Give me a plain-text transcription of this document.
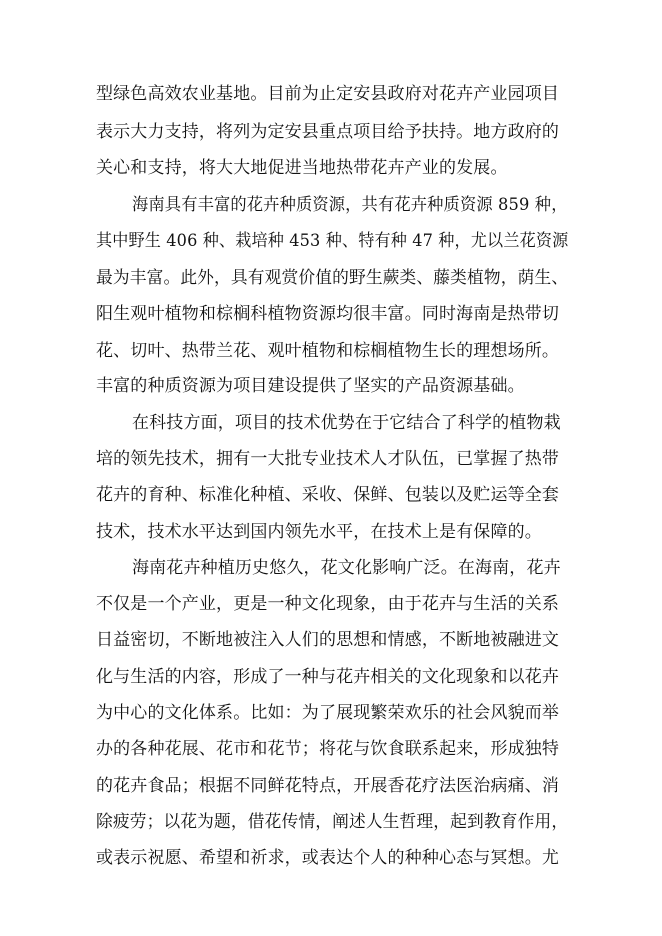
型绿色高效农业基地。目前为止定安县政府对花卉产业园项目
表示大力支持，将列为定安县重点项目给予扶持。地方政府的
关心和支持，将大大地促进当地热带花卉产业的发展。
海南具有丰富的花卉种质资源，共有花卉种质资源 859 种，
其中野生 406 种、栽培种 453 种、特有种 47 种，尤以兰花资源
最为丰富。此外，具有观赏价值的野生蕨类、藤类植物，荫生、
阳生观叶植物和棕榈科植物资源均很丰富。同时海南是热带切
花、切叶、热带兰花、观叶植物和棕榈植物生长的理想场所。
丰富的种质资源为项目建设提供了坚实的产品资源基础。
在科技方面，项目的技术优势在于它结合了科学的植物栽
培的领先技术，拥有一大批专业技术人才队伍，已掌握了热带
花卉的育种、标准化种植、采收、保鲜、包装以及贮运等全套
技术，技术水平达到国内领先水平，在技术上是有保障的。
海南花卉种植历史悠久，花文化影响广泛。在海南，花卉
不仅是一个产业，更是一种文化现象，由于花卉与生活的关系
日益密切，不断地被注入人们的思想和情感，不断地被融进文
化与生活的内容，形成了一种与花卉相关的文化现象和以花卉
为中心的文化体系。比如：为了展现繁荣欢乐的社会风貌而举
办的各种花展、花市和花节；将花与饮食联系起来，形成独特
的花卉食品；根据不同鲜花特点，开展香花疗法医治病痛、消
除疲劳；以花为题，借花传情，阐述人生哲理，起到教育作用，
或表示祝愿、希望和祈求，或表达个人的种种心态与冥想。尤
